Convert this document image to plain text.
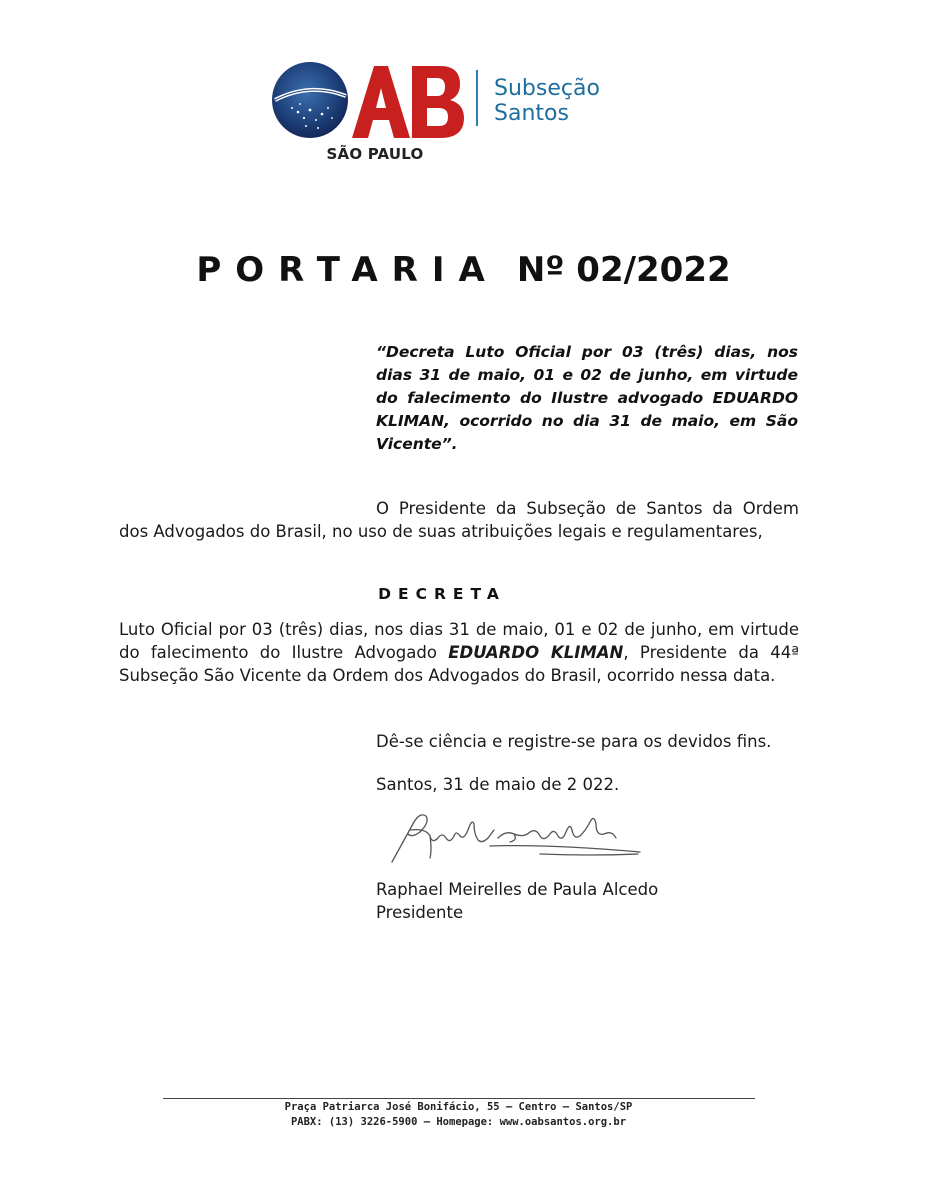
SÃO PAULO
Subseção
Santos
PORTARIA Nº 02/2022
“Decreta Luto Oficial por 03 (três) dias, nos dias 31 de maio, 01 e 02 de junho, em virtude do falecimento do Ilustre advogado EDUARDO KLIMAN, ocorrido no dia 31 de maio, em São Vicente”.
O Presidente da Subseção de Santos da Ordem dos Advogados do Brasil, no uso de suas atribuições legais e regulamentares,
DECRETA
Luto Oficial por 03 (três) dias, nos dias 31 de maio, 01 e 02 de junho, em virtude do falecimento do Ilustre Advogado EDUARDO KLIMAN, Presidente da 44ª Subseção São Vicente da Ordem dos Advogados do Brasil, ocorrido nessa data.
Dê-se ciência e registre-se para os devidos fins.
Santos, 31 de maio de 2 022.
Raphael Meirelles de Paula Alcedo
Presidente
Praça Patriarca José Bonifácio, 55 – Centro – Santos/SP
PABX: (13) 3226-5900 – Homepage: www.oabsantos.org.br
